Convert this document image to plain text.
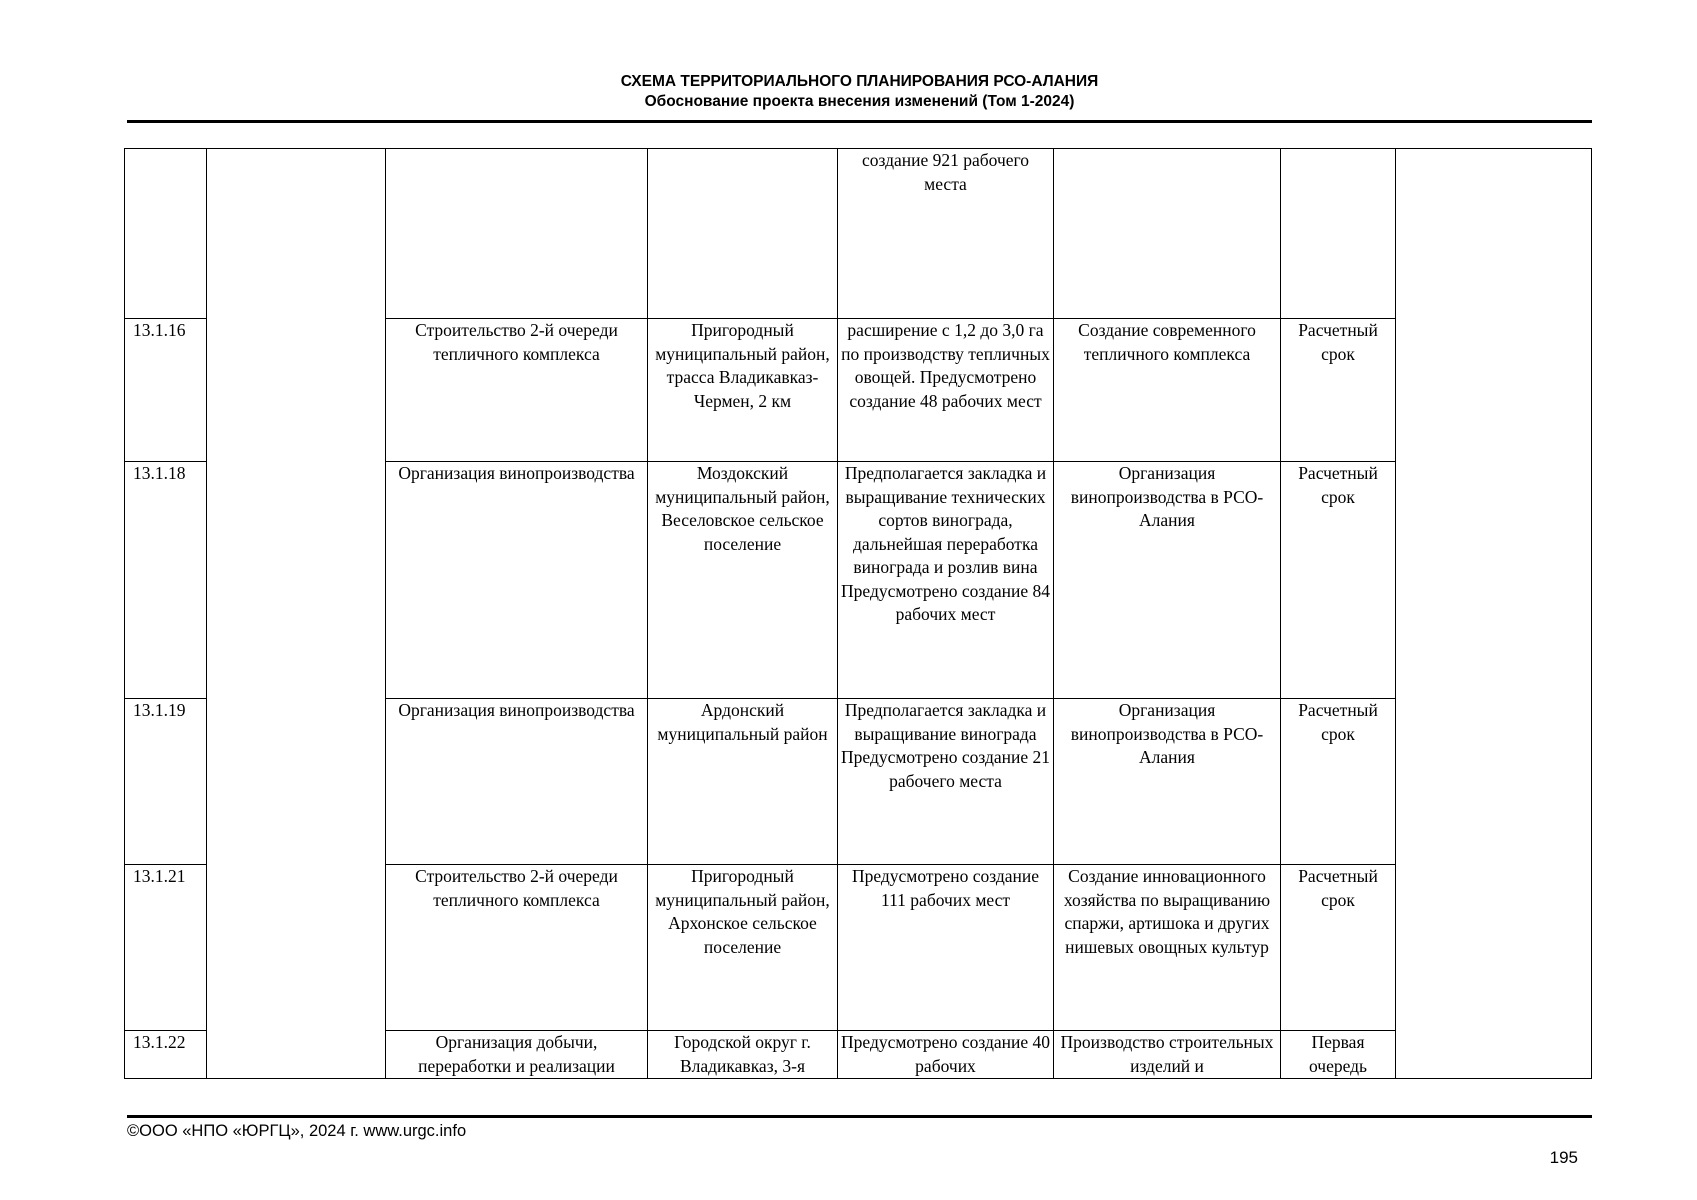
СХЕМА ТЕРРИТОРИАЛЬНОГО ПЛАНИРОВАНИЯ РСО-АЛАНИЯ
Обоснование проекта внесения изменений (Том 1-2024)
				создание 921 рабочего места			
13.1.16		Строительство 2-й очереди тепличного комплекса	Пригородный муниципальный район, трасса Владикавказ-Чермен, 2 км	расширение с 1,2 до 3,0 га по производству тепличных овощей. Предусмотрено создание 48 рабочих мест	Создание современного тепличного комплекса	Расчетный срок	
13.1.18		Организация винопроизводства	Моздокский муниципальный район, Веселовское сельское поселение	Предполагается закладка и выращивание технических сортов винограда, дальнейшая переработка винограда и розлив вина Предусмотрено создание 84 рабочих мест	Организация винопроизводства в РСО-Алания	Расчетный срок	
13.1.19		Организация винопроизводства	Ардонский муниципальный район	Предполагается закладка и выращивание винограда Предусмотрено создание 21 рабочего места	Организация винопроизводства в РСО-Алания	Расчетный срок	
13.1.21		Строительство 2-й очереди тепличного комплекса	Пригородный муниципальный район, Архонское сельское поселение	Предусмотрено создание 111 рабочих мест	Создание инновационного хозяйства по выращиванию спаржи, артишока и других нишевых овощных культур	Расчетный срок	
13.1.22		Организация добычи, переработки и реализации	Городской округ г. Владикавказ, 3-я	Предусмотрено создание 40 рабочих	Производство строительных изделий и	Первая очередь	
©ООО «НПО «ЮРГЦ», 2024 г. www.urgc.info
195
